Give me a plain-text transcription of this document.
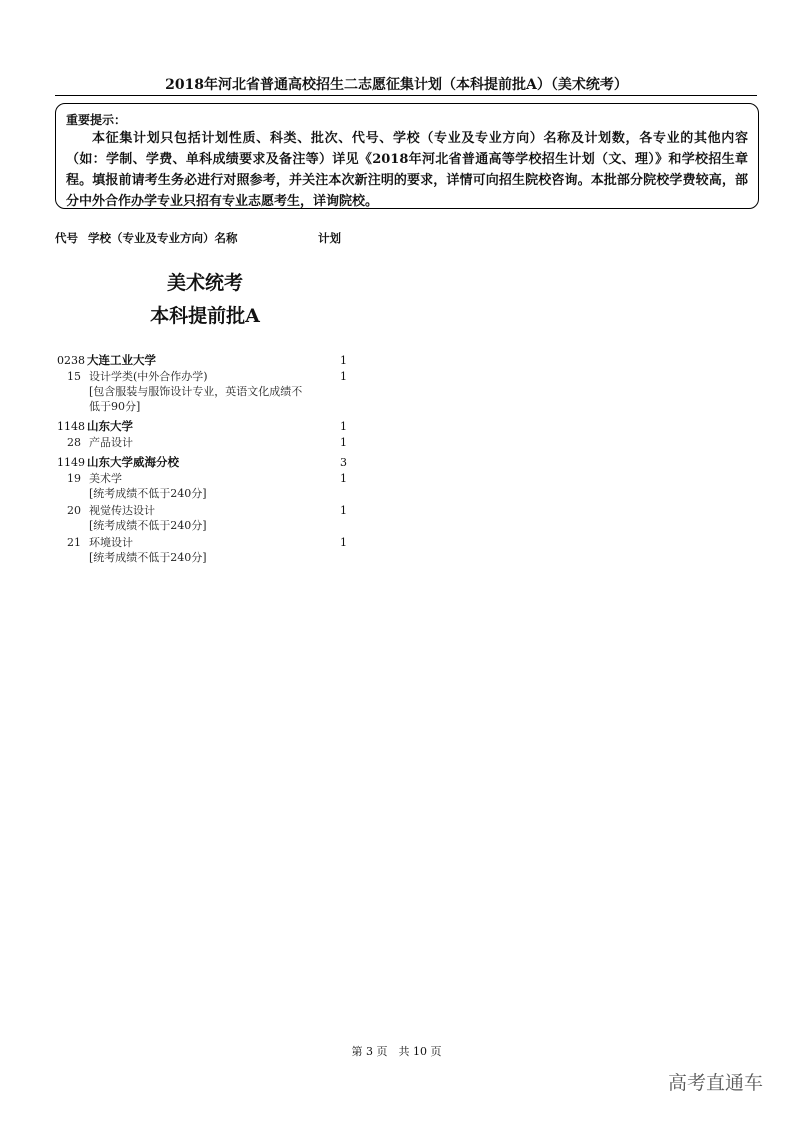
2018年河北省普通高校招生二志愿征集计划（本科提前批A）（美术统考）
重要提示：
本征集计划只包括计划性质、科类、批次、代号、学校（专业及专业方向）名称及计划数，各专业的其他内容（如：学制、学费、单科成绩要求及备注等）详见《2018年河北省普通高等学校招生计划（文、理）》和学校招生章程。填报前请考生务必进行对照参考，并关注本次新注明的要求，详情可向招生院校咨询。本批部分院校学费较高，部分中外合作办学专业只招有专业志愿考生，详询院校。
代号 学校（专业及专业方向）名称	计划
美术统考
本科提前批A
0238 大连工业大学	1
15 设计学类(中外合作办学)	1
[包含服装与服饰设计专业，英语文化成绩不低于90分]
1148 山东大学	1
28 产品设计	1
1149 山东大学威海分校	3
19 美术学	1
[统考成绩不低于240分]
20 视觉传达设计	1
[统考成绩不低于240分]
21 环境设计	1
[统考成绩不低于240分]
第 3 页　共 10 页
高考直通车
